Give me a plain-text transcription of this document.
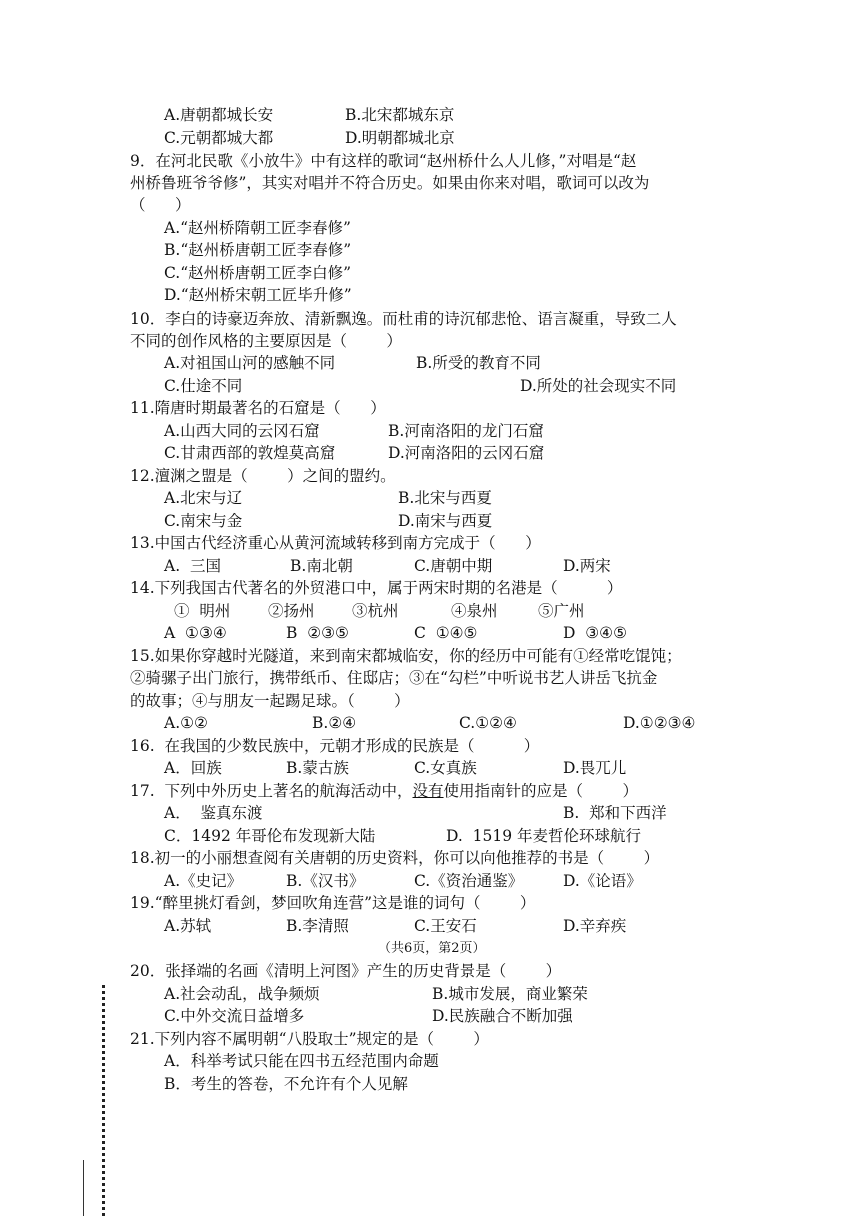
A.唐朝都城长安	B.北宋都城东京
C.元朝都城大都	D.明朝都城北京
9．在河北民歌《小放牛》中有这样的歌词“赵州桥什么人儿修，”对唱是“赵
州桥鲁班爷爷修”，其实对唱并不符合历史。如果由你来对唱，歌词可以改为
（      ）
A.“赵州桥隋朝工匠李春修”
B.“赵州桥唐朝工匠李春修”
C.“赵州桥唐朝工匠李白修”
D.“赵州桥宋朝工匠毕升修”
10．李白的诗豪迈奔放、清新飘逸。而杜甫的诗沉郁悲怆、语言凝重，导致二人
不同的创作风格的主要原因是（        ）
A.对祖国山河的感触不同	B.所受的教育不同
C.仕途不同	D.所处的社会现实不同
11.隋唐时期最著名的石窟是（      ）
A.山西大同的云冈石窟	B.河南洛阳的龙门石窟
C.甘肃西部的敦煌莫高窟	D.河南洛阳的云冈石窟
12.澶渊之盟是（        ）之间的盟约。
A.北宋与辽	B.北宋与西夏
C.南宋与金	D.南宋与西夏
13.中国古代经济重心从黄河流域转移到南方完成于（      ）
A.  三国	B.南北朝	C.唐朝中期	D.两宋
14.下列我国古代著名的外贸港口中，属于两宋时期的名港是（          ）
①  明州 ②扬州 ③杭州	④泉州	⑤广州
A  ①③④	B  ②③⑤	C  ①④⑤	D  ③④⑤
15.如果你穿越时光隧道，来到南宋都城临安，你的经历中可能有①经常吃馄饨；
②骑骡子出门旅行，携带纸币、住邸店；③在“勾栏”中听说书艺人讲岳飞抗金
的故事；④与朋友一起踢足球。（        ）
A.①②	B.②④	C.①②④	D.①②③④
16.  在我国的少数民族中，元朝才形成的民族是（          ）
A．回族	B.蒙古族	C.女真族	D.畏兀儿
17.  下列中外历史上著名的航海活动中，没有使用指南针的应是（        ）
A．  鉴真东渡	B.  郑和下西洋
C．1492 年哥伦布发现新大陆	D.  1519 年麦哲伦环球航行
18.初一的小丽想查阅有关唐朝的历史资料，你可以向他推荐的书是（        ）
A.《史记》	B.《汉书》	C.《资治通鉴》	D.《论语》
19.“醉里挑灯看剑，梦回吹角连营”这是谁的词句（        ）
A.苏轼	B.李清照	C.王安石	D.辛弃疾
（共6页，第2页）
20．张择端的名画《清明上河图》产生的历史背景是（        ）
A.社会动乱，战争频烦	B.城市发展，商业繁荣
C.中外交流日益增多	D.民族融合不断加强
21.下列内容不属明朝“八股取士”规定的是（        ）
A．科举考试只能在四书五经范围内命题
B．考生的答卷，不允许有个人见解
